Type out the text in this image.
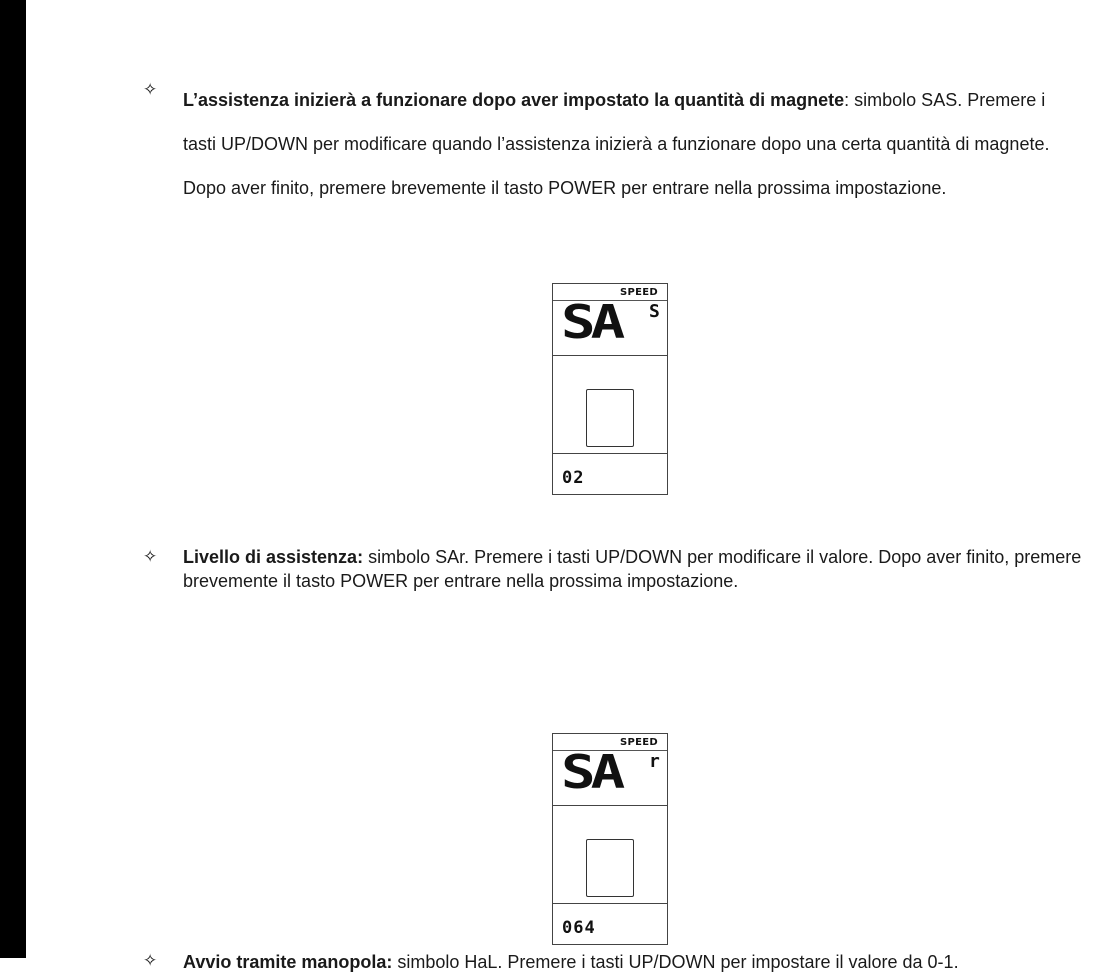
✧

L’assistenza inizierà a funzionare dopo aver impostato la quantità di magnete: simbolo SAS. Premere i tasti UP/DOWN per modificare quando l’assistenza inizierà a funzionare dopo una certa quantità di magnete. Dopo aver finito, premere brevemente il tasto POWER per entrare nella prossima impostazione.

SPEED
SA S
02
✧ Livello di assistenza: simbolo SAr. Premere i tasti UP/DOWN per modificare il valore. Dopo aver finito, premere brevemente il tasto POWER per entrare nella prossima impostazione.

SPEED
SA r
064
✧ Avvio tramite manopola: simbolo HaL. Premere i tasti UP/DOWN per impostare il valore da 0-1.
